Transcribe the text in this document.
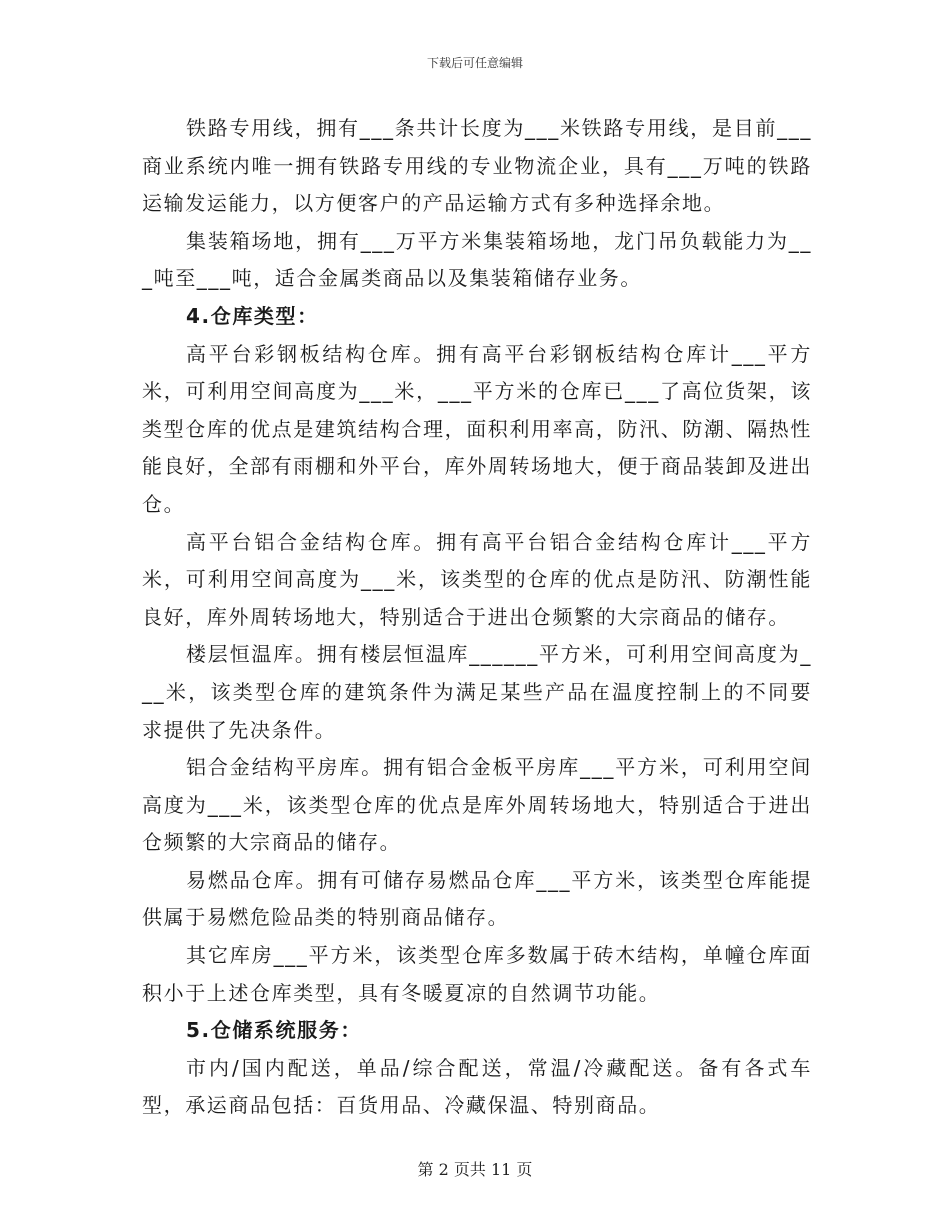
下载后可任意编辑

铁路专用线，拥有___条共计长度为___米铁路专用线，是目前___商业系统内唯一拥有铁路专用线的专业物流企业，具有___万吨的铁路运输发运能力，以方便客户的产品运输方式有多种选择余地。

集装箱场地，拥有___万平方米集装箱场地，龙门吊负载能力为___吨至___吨，适合金属类商品以及集装箱储存业务。

4.仓库类型：

高平台彩钢板结构仓库。拥有高平台彩钢板结构仓库计___平方米，可利用空间高度为___米，___平方米的仓库已___了高位货架，该类型仓库的优点是建筑结构合理，面积利用率高，防汛、防潮、隔热性能良好，全部有雨棚和外平台，库外周转场地大，便于商品装卸及进出仓。

高平台铝合金结构仓库。拥有高平台铝合金结构仓库计___平方米，可利用空间高度为___米，该类型的仓库的优点是防汛、防潮性能良好，库外周转场地大，特别适合于进出仓频繁的大宗商品的储存。

楼层恒温库。拥有楼层恒温库______平方米，可利用空间高度为___米，该类型仓库的建筑条件为满足某些产品在温度控制上的不同要求提供了先决条件。

铝合金结构平房库。拥有铝合金板平房库___平方米，可利用空间高度为___米，该类型仓库的优点是库外周转场地大，特别适合于进出仓频繁的大宗商品的储存。

易燃品仓库。拥有可储存易燃品仓库___平方米，该类型仓库能提供属于易燃危险品类的特别商品储存。

其它库房___平方米，该类型仓库多数属于砖木结构，单幢仓库面积小于上述仓库类型，具有冬暖夏凉的自然调节功能。

5.仓储系统服务：

市内/国内配送，单品/综合配送，常温/冷藏配送。备有各式车型，承运商品包括：百货用品、冷藏保温、特别商品。

第 2 页共 11 页
